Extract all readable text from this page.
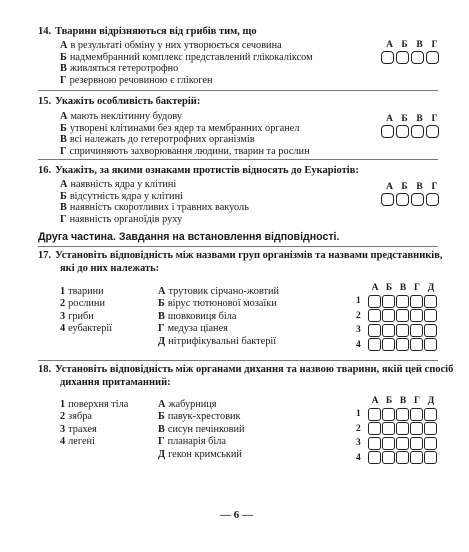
14. Тварини відрізняються від грибів тим, що
А в результаті обміну у них утворюється сечовина
Б надмембранний комплекс представлений глікокаліксом
В живляться гетеротрофно
Г резервною речовиною є глікоген
А Б В Г
15. Укажіть особливість бактерій:
А мають неклітинну будову
Б утворені клітинами без ядер та мембранних органел
В всі належать до гетеротрофних організмів
Г спричиняють захворювання людини, тварин та рослин
А Б В Г
16. Укажіть, за якими ознаками протистів відносять до Еукаріотів:
А наявність ядра у клітині
Б відсутність ядра у клітині
В наявність скоротливих і травних вакуоль
Г наявність органоїдів руху
А Б В Г
Друга частина. Завдання на встановлення відповідності.
17. Установіть відповідність між назвами груп організмів та назвами представників,
які до них належать:
1 тварини
2 рослини
3 гриби
4 еубактерії
А трутовик сірчано-жовтий
Б вірус тютюнової мозаїки
В шовковиця біла
Г медуза ціанея
Д нітрифікувальні бактерії
А Б В Г Д
1
2
3
4
18. Установіть відповідність між органами дихання та назвою тварини, якій цей спосіб
дихання притаманний:
1 поверхня тіла
2 зябра
3 трахея
4 легені
А жабурниця
Б павук-хрестовик
В сисун печінковий
Г планарія біла
Д гекон кримський
А Б В Г Д
1
2
3
4
— 6 —
